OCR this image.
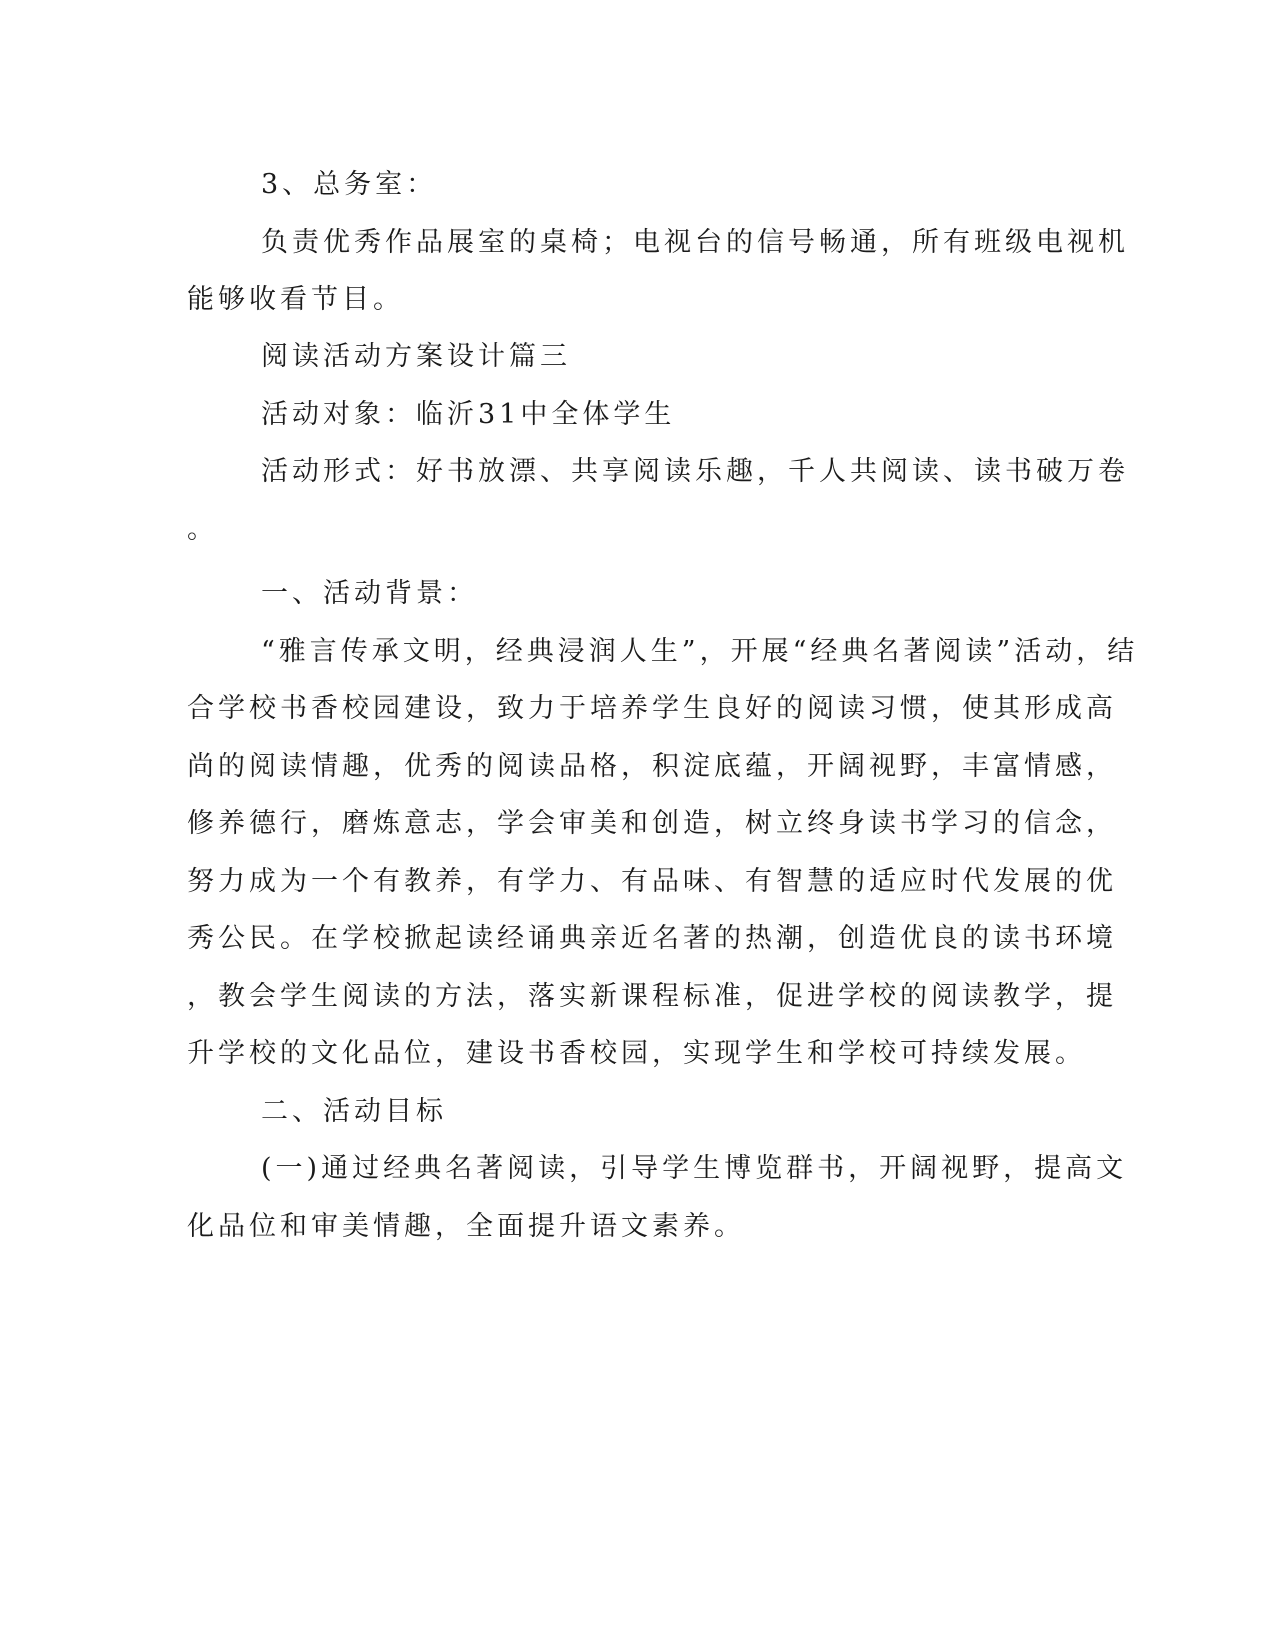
3、总务室：
负责优秀作品展室的桌椅；电视台的信号畅通，所有班级电视机
能够收看节目。
阅读活动方案设计篇三
活动对象：临沂31中全体学生
活动形式：好书放漂、共享阅读乐趣，千人共阅读、读书破万卷
。
一、活动背景：
“雅言传承文明，经典浸润人生”，开展“经典名著阅读”活动，结
合学校书香校园建设，致力于培养学生良好的阅读习惯，使其形成高
尚的阅读情趣，优秀的阅读品格，积淀底蕴，开阔视野，丰富情感，
修养德行，磨炼意志，学会审美和创造，树立终身读书学习的信念，
努力成为一个有教养，有学力、有品味、有智慧的适应时代发展的优
秀公民。在学校掀起读经诵典亲近名著的热潮，创造优良的读书环境
，教会学生阅读的方法，落实新课程标准，促进学校的阅读教学，提
升学校的文化品位，建设书香校园，实现学生和学校可持续发展。
二、活动目标
(一)通过经典名著阅读，引导学生博览群书，开阔视野，提高文
化品位和审美情趣，全面提升语文素养。
